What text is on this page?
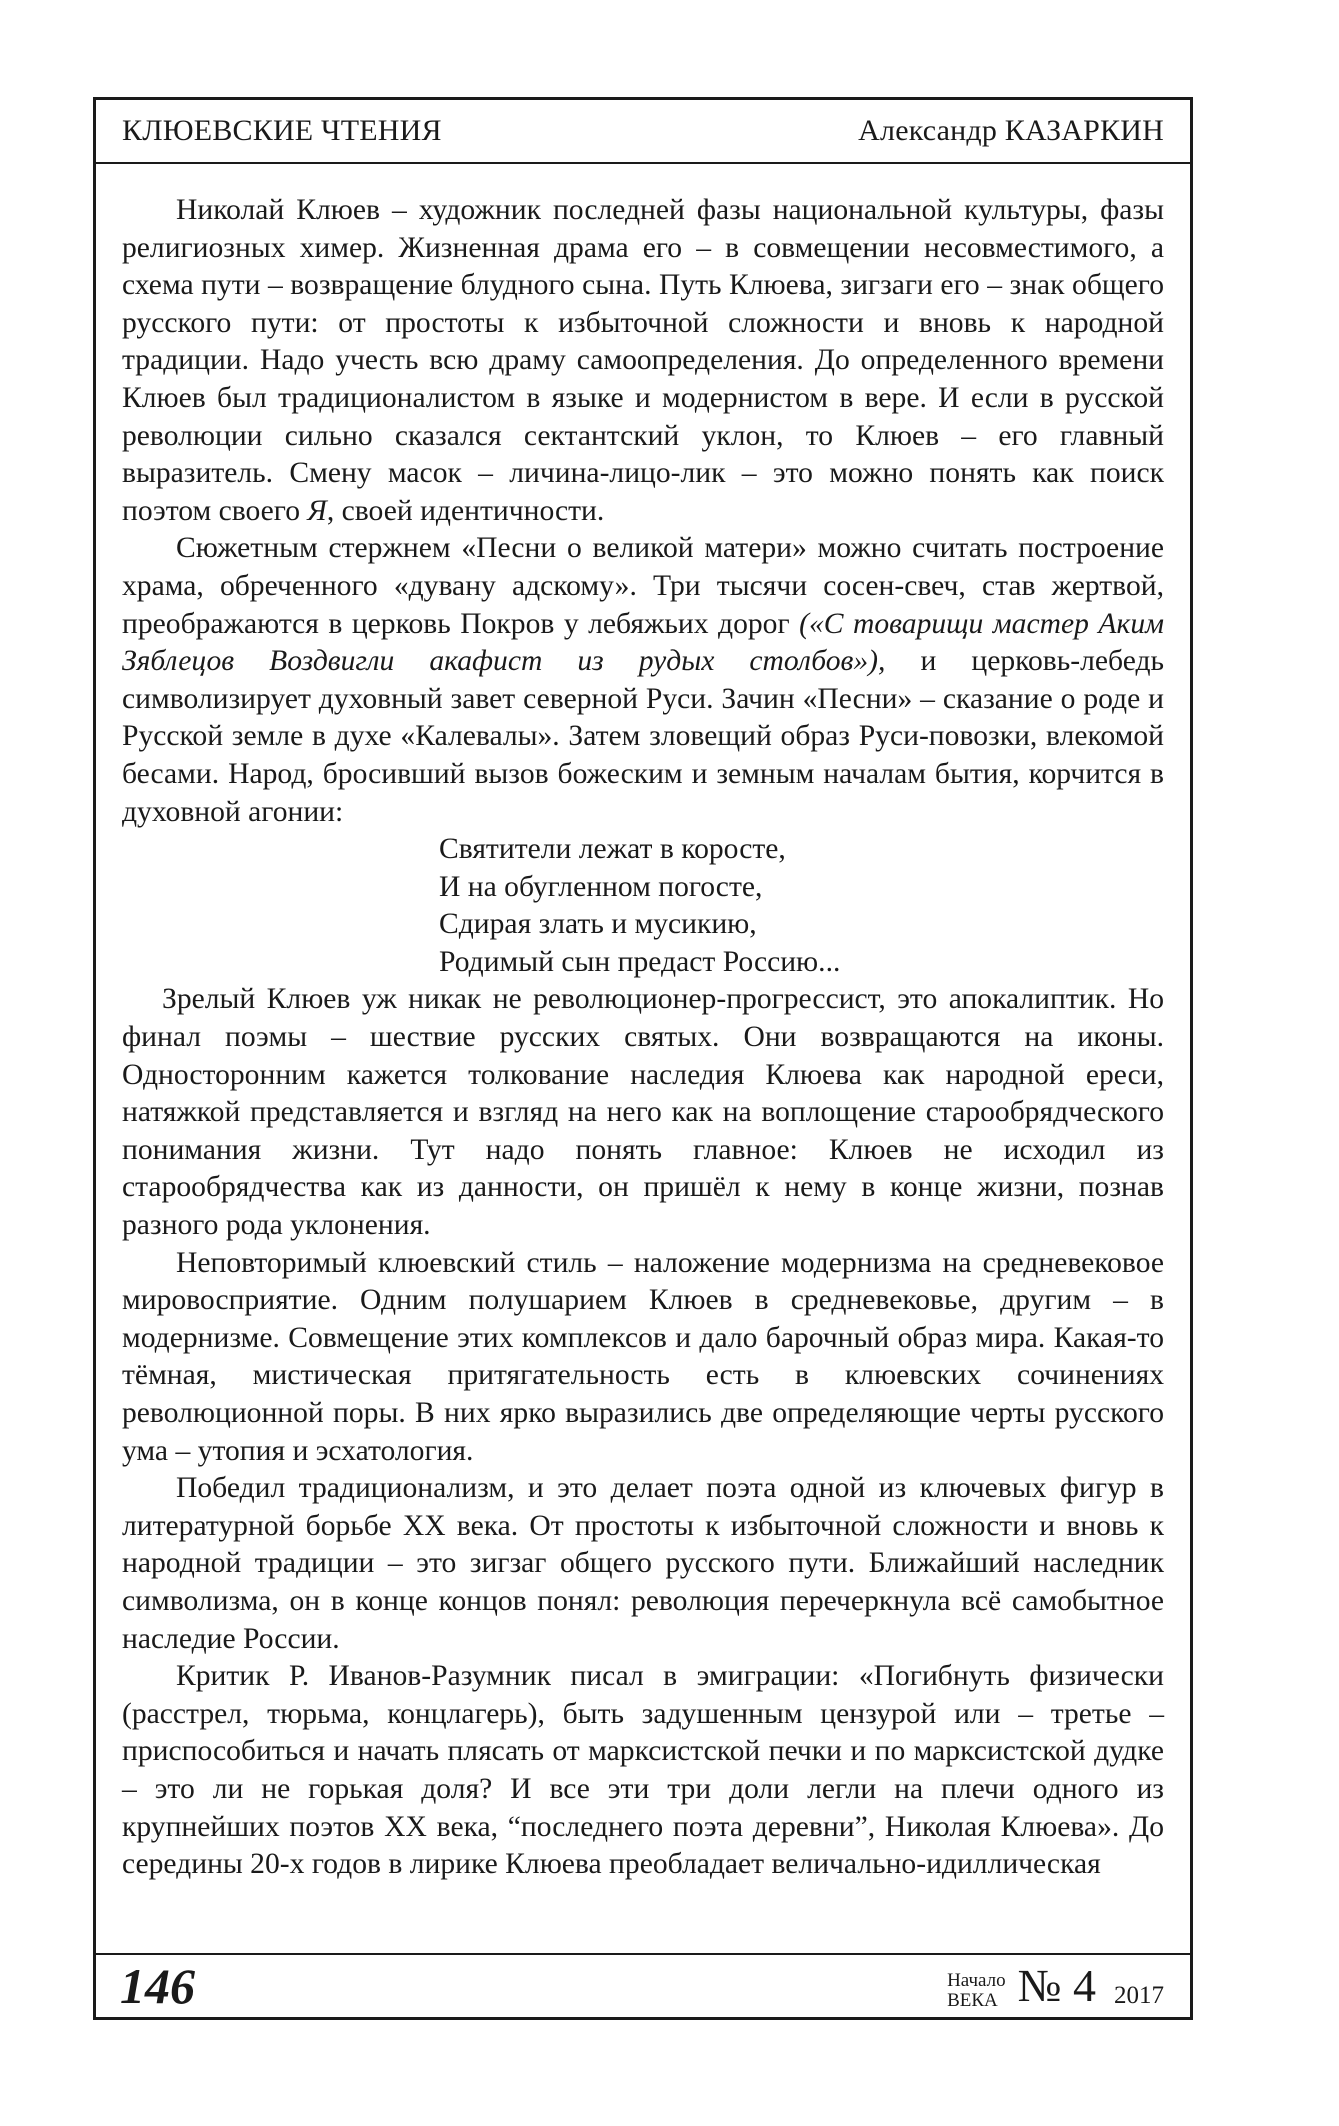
КЛЮЕВСКИЕ ЧТЕНИЯ	Александр КАЗАРКИН

Николай Клюев – художник последней фазы национальной культуры, фазы религиозных химер. Жизненная драма его – в совмещении несовместимого, а схема пути – возвращение блудного сына. Путь Клюева, зигзаги его – знак общего русского пути: от простоты к избыточной сложности и вновь к народной традиции. Надо учесть всю драму самоопределения. До определенного времени Клюев был традиционалистом в языке и модернистом в вере. И если в русской революции сильно сказался сектантский уклон, то Клюев – его главный выразитель. Смену масок – личина-лицо-лик – это можно понять как поиск поэтом своего Я, своей идентичности.

Сюжетным стержнем «Песни о великой матери» можно считать построение храма, обреченного «дувану адскому». Три тысячи сосен-свеч, став жертвой, преображаются в церковь Покров у лебяжьих дорог («С товарищи мастер Аким Зяблецов Воздвигли акафист из рудых столбов»), и церковь-лебедь символизирует духовный завет северной Руси. Зачин «Песни» – сказание о роде и Русской земле в духе «Калевалы». Затем зловещий образ Руси-повозки, влекомой бесами. Народ, бросивший вызов божеским и земным началам бытия, корчится в духовной агонии:

Святители лежат в коросте,
И на обугленном погосте,
Сдирая злать и мусикию,
Родимый сын предаст Россию...

Зрелый Клюев уж никак не революционер-прогрессист, это апокалиптик. Но финал поэмы – шествие русских святых. Они возвращаются на иконы. Односторонним кажется толкование наследия Клюева как народной ереси, натяжкой представляется и взгляд на него как на воплощение старообрядческого понимания жизни. Тут надо понять главное: Клюев не исходил из старообрядчества как из данности, он пришёл к нему в конце жизни, познав разного рода уклонения.

Неповторимый клюевский стиль – наложение модернизма на средневековое мировосприятие. Одним полушарием Клюев в средневековье, другим – в модернизме. Совмещение этих комплексов и дало барочный образ мира. Какая-то тёмная, мистическая притягательность есть в клюевских сочинениях революционной поры. В них ярко выразились две определяющие черты русского ума – утопия и эсхатология.

Победил традиционализм, и это делает поэта одной из ключевых фигур в литературной борьбе XX века. От простоты к избыточной сложности и вновь к народной традиции – это зигзаг общего русского пути. Ближайший наследник символизма, он в конце концов понял: революция перечеркнула всё самобытное наследие России.

Критик Р. Иванов-Разумник писал в эмиграции: «Погибнуть физически (расстрел, тюрьма, концлагерь), быть задушенным цензурой или – третье – приспособиться и начать плясать от марксистской печки и по марксистской дудке – это ли не горькая доля? И все эти три доли легли на плечи одного из крупнейших поэтов XX века, “последнего поэта деревни”, Николая Клюева». До середины 20-х годов в лирике Клюева преобладает величально-идиллическая

146	Начало
ВЕКА № 4 2017
